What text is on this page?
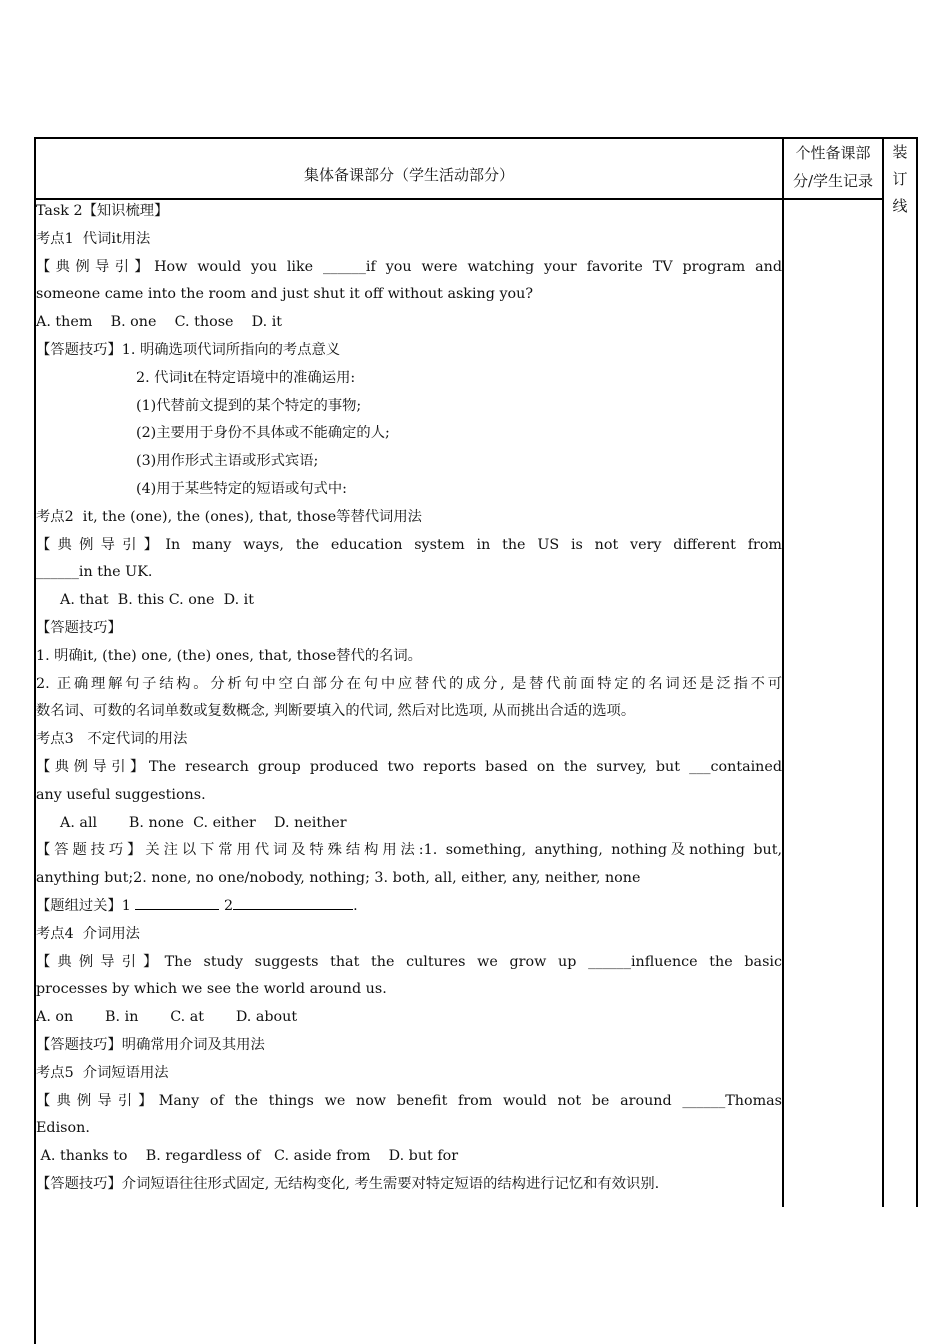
集体备课部分（学生活动部分）
个性备课部
分/学生记录
装
订
线
Task 2【知识梳理】
考点1  代词it用法
【典例导引】How would you like ______if you were watching your favorite TV program and
someone came into the room and just shut it off without asking you?
A. them    B. one    C. those    D. it
【答题技巧】1. 明确选项代词所指向的考点意义
2. 代词it在特定语境中的准确运用:
(1)代替前文提到的某个特定的事物;
(2)主要用于身份不具体或不能确定的人;
(3)用作形式主语或形式宾语;
(4)用于某些特定的短语或句式中:
考点2  it, the (one), the (ones), that, those等替代词用法
【典例导引】In many ways, the education system in the US is not very different from
______in the UK.
A. that  B. this C. one  D. it
【答题技巧】
1. 明确it, (the) one, (the) ones, that, those替代的名词。
2. 正确理解句子结构。分析句中空白部分在句中应替代的成分, 是替代前面特定的名词还是泛指不可
数名词、可数的名词单数或复数概念, 判断要填入的代词, 然后对比选项, 从而挑出合适的选项。
考点3   不定代词的用法
【典例导引】The research group produced two reports based on the survey, but ___contained
any useful suggestions.
A. all       B. none  C. either    D. neither
【答题技巧】关注以下常用代词及特殊结构用法:1. something, anything, nothing及nothing but,
anything but;2. none, no one/nobody, nothing; 3. both, all, either, any, neither, none
【题组过关】1	2	.
考点4  介词用法
【典例导引】The study suggests that the cultures we grow up ______influence the basic
processes by which we see the world around us.
A. on       B. in       C. at       D. about
【答题技巧】明确常用介词及其用法
考点5  介词短语用法
【典例导引】Many of the things we now benefit from would not be around ______Thomas
Edison.
A. thanks to    B. regardless of   C. aside from    D. but for
【答题技巧】介词短语往往形式固定, 无结构变化, 考生需要对特定短语的结构进行记忆和有效识别.
